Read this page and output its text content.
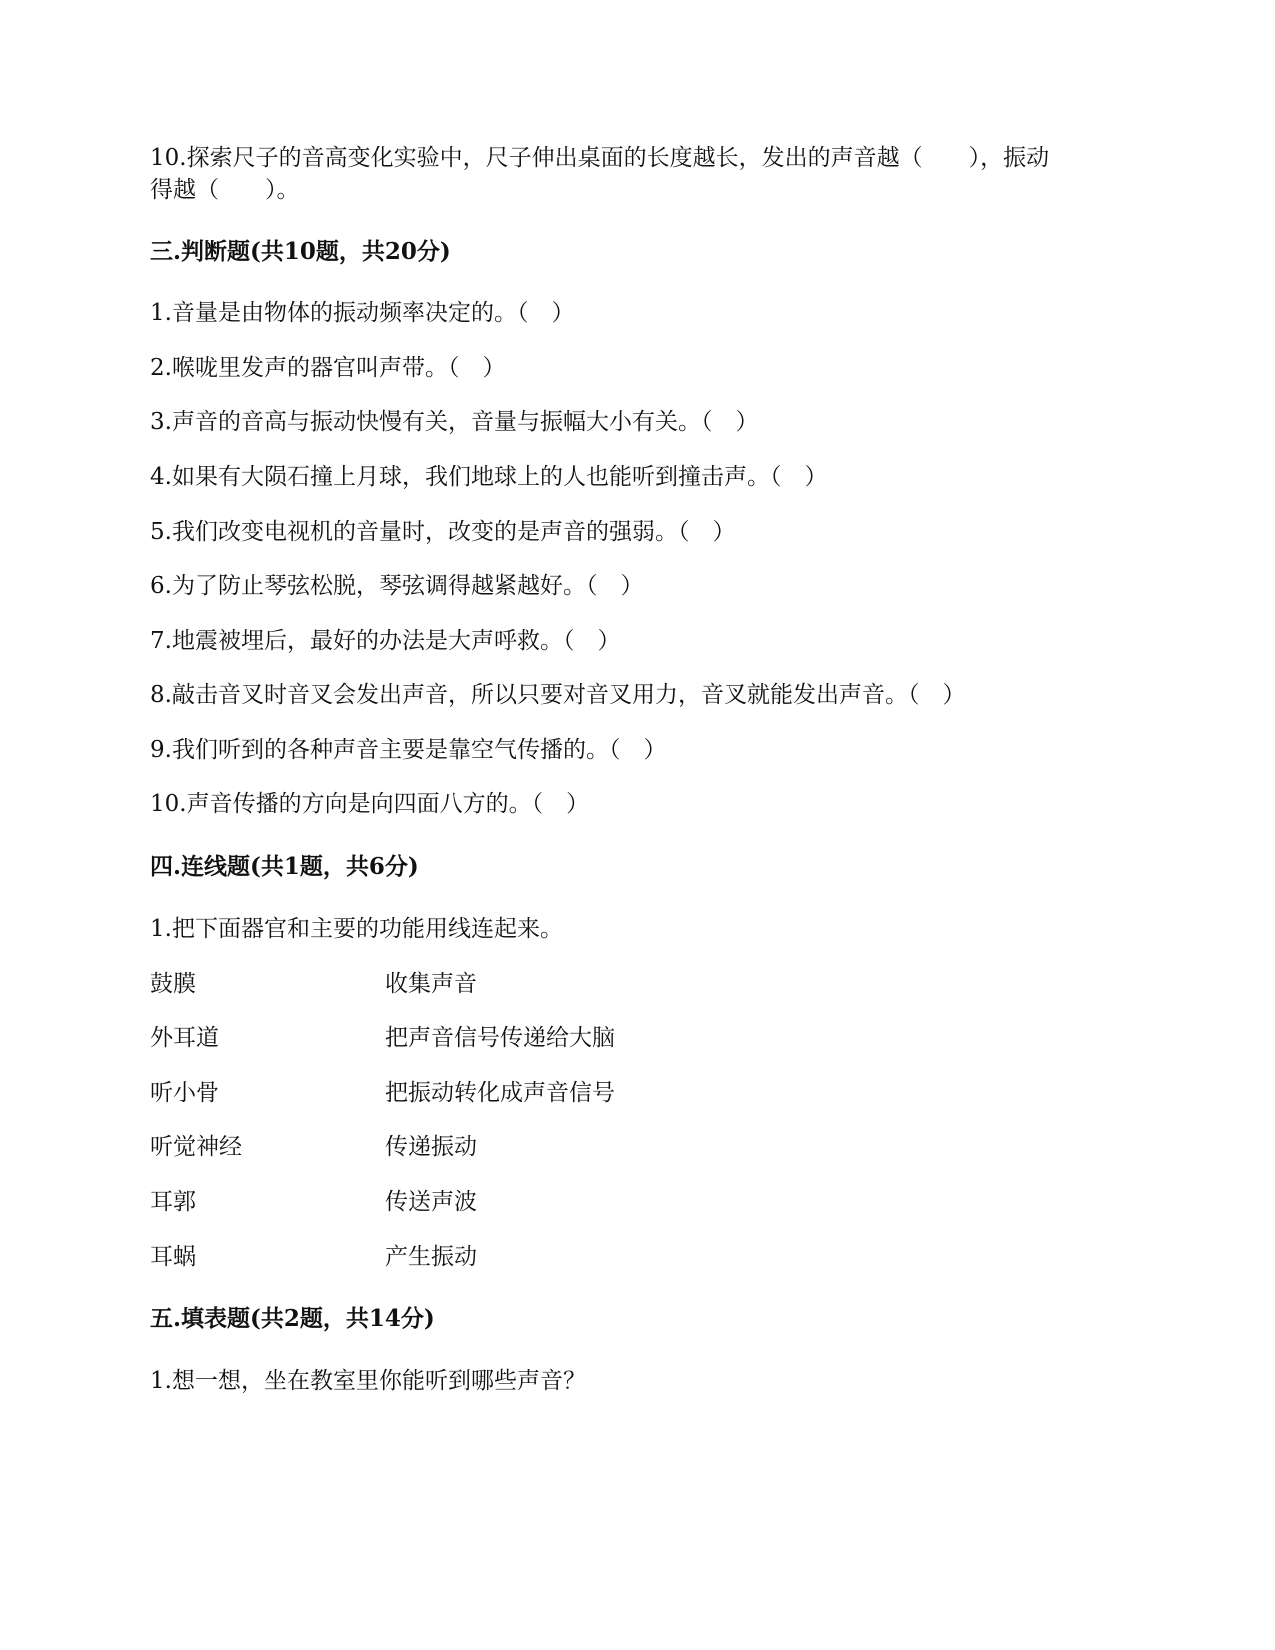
10.探索尺子的音高变化实验中，尺子伸出桌面的长度越长，发出的声音越（　　），振动
得越（　　）。
三.判断题(共10题，共20分)
1.音量是由物体的振动频率决定的。（　）
2.喉咙里发声的器官叫声带。（　）
3.声音的音高与振动快慢有关，音量与振幅大小有关。（　）
4.如果有大陨石撞上月球，我们地球上的人也能听到撞击声。（　）
5.我们改变电视机的音量时，改变的是声音的强弱。（　）
6.为了防止琴弦松脱，琴弦调得越紧越好。（　）
7.地震被埋后，最好的办法是大声呼救。（　）
8.敲击音叉时音叉会发出声音，所以只要对音叉用力，音叉就能发出声音。（　）
9.我们听到的各种声音主要是靠空气传播的。（　）
10.声音传播的方向是向四面八方的。（　）
四.连线题(共1题，共6分)
1.把下面器官和主要的功能用线连起来。
鼓膜	收集声音
外耳道	把声音信号传递给大脑
听小骨	把振动转化成声音信号
听觉神经	传递振动
耳郭	传送声波
耳蜗	产生振动
五.填表题(共2题，共14分)
1.想一想，坐在教室里你能听到哪些声音？
